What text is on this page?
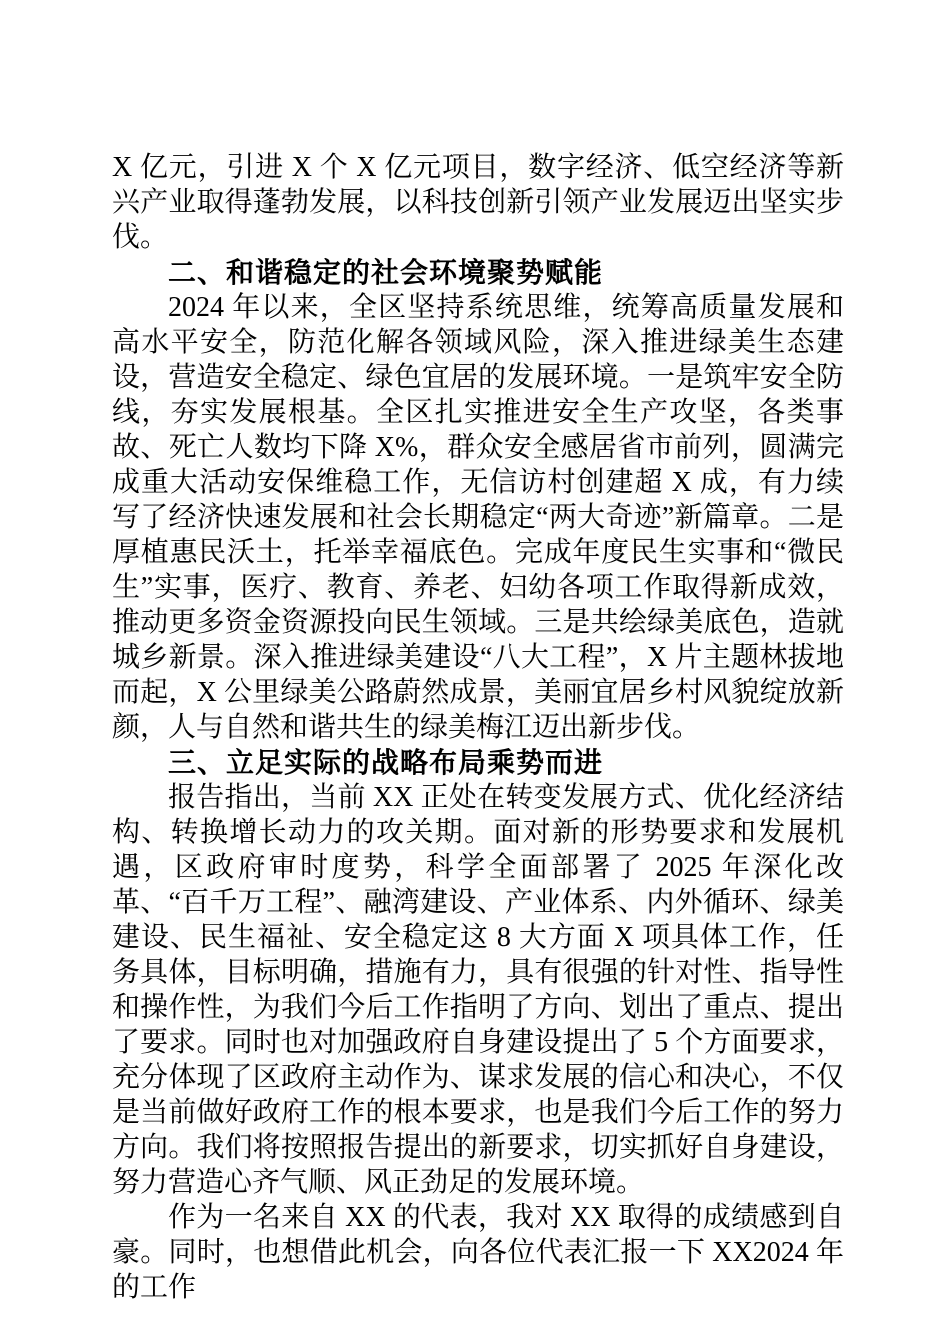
X 亿元，引进 X 个 X 亿元项目，数字经济、低空经济等新兴产业取得蓬勃发展，以科技创新引领产业发展迈出坚实步伐。

二、和谐稳定的社会环境聚势赋能

2024 年以来，全区坚持系统思维，统筹高质量发展和高水平安全，防范化解各领域风险，深入推进绿美生态建设，营造安全稳定、绿色宜居的发展环境。一是筑牢安全防线，夯实发展根基。全区扎实推进安全生产攻坚，各类事故、死亡人数均下降 X%，群众安全感居省市前列，圆满完成重大活动安保维稳工作，无信访村创建超 X 成，有力续写了经济快速发展和社会长期稳定“两大奇迹”新篇章。二是厚植惠民沃土，托举幸福底色。完成年度民生实事和“微民生”实事，医疗、教育、养老、妇幼各项工作取得新成效，推动更多资金资源投向民生领域。三是共绘绿美底色，造就城乡新景。深入推进绿美建设“八大工程”，X 片主题林拔地而起，X 公里绿美公路蔚然成景，美丽宜居乡村风貌绽放新颜，人与自然和谐共生的绿美梅江迈出新步伐。

三、立足实际的战略布局乘势而进

报告指出，当前 XX 正处在转变发展方式、优化经济结构、转换增长动力的攻关期。面对新的形势要求和发展机遇，区政府审时度势，科学全面部署了 2025 年深化改革、“百千万工程”、融湾建设、产业体系、内外循环、绿美建设、民生福祉、安全稳定这 8 大方面 X 项具体工作，任务具体，目标明确，措施有力，具有很强的针对性、指导性和操作性，为我们今后工作指明了方向、划出了重点、提出了要求。同时也对加强政府自身建设提出了 5 个方面要求，充分体现了区政府主动作为、谋求发展的信心和决心，不仅是当前做好政府工作的根本要求，也是我们今后工作的努力方向。我们将按照报告提出的新要求，切实抓好自身建设，努力营造心齐气顺、风正劲足的发展环境。

作为一名来自 XX 的代表，我对 XX 取得的成绩感到自豪。同时，也想借此机会，向各位代表汇报一下 XX2024 年的工作
